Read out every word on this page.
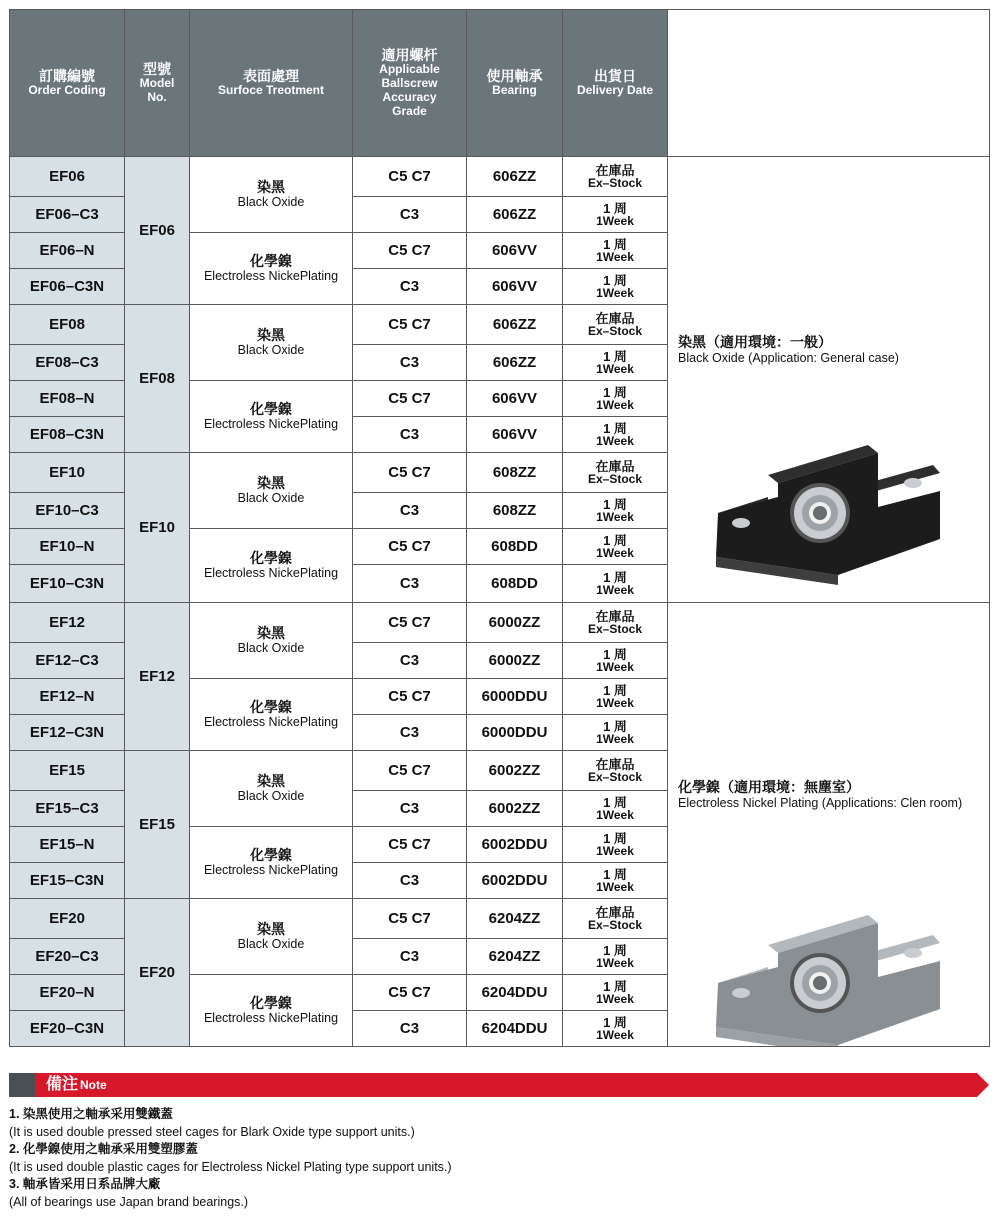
訂購編號
Order Coding	型號
Model
No.	表面處理
Surfoce Treotment	適用螺杆
Applicable
Ballscrew
Accuracy
Grade	使用軸承
Bearing	出貨日
Delivery Date	

EF06	EF06	染黑
Black Oxide	C5 C7	606ZZ	在庫品
Ex–Stock	染黑（適用環境：一般）
Black Oxide (Application: General case)

EF06–C3			C3	606ZZ	1 周
1Week	

EF06–N		化學鎳
Electroless NickePlating	C5 C7	606VV	1 周
1Week	

EF06–C3N			C3	606VV	1 周
1Week	

EF08	EF08	染黑
Black Oxide	C5 C7	606ZZ	在庫品
Ex–Stock	

EF08–C3			C3	606ZZ	1 周
1Week	

EF08–N		化學鎳
Electroless NickePlating	C5 C7	606VV	1 周
1Week	

EF08–C3N			C3	606VV	1 周
1Week	

EF10	EF10	染黑
Black Oxide	C5 C7	608ZZ	在庫品
Ex–Stock	

EF10–C3			C3	608ZZ	1 周
1Week	

EF10–N		化學鎳
Electroless NickePlating	C5 C7	608DD	1 周
1Week	

EF10–C3N			C3	608DD	1 周
1Week	

EF12	EF12	染黑
Black Oxide	C5 C7	6000ZZ	在庫品
Ex–Stock	化學鎳（適用環境：無塵室）
Electroless Nickel Plating (Applications: Clen room)

EF12–C3			C3	6000ZZ	1 周
1Week	

EF12–N		化學鎳
Electroless NickePlating	C5 C7	6000DDU	1 周
1Week	

EF12–C3N			C3	6000DDU	1 周
1Week	

EF15	EF15	染黑
Black Oxide	C5 C7	6002ZZ	在庫品
Ex–Stock	

EF15–C3			C3	6002ZZ	1 周
1Week	

EF15–N		化學鎳
Electroless NickePlating	C5 C7	6002DDU	1 周
1Week	

EF15–C3N			C3	6002DDU	1 周
1Week	

EF20	EF20	染黑
Black Oxide	C5 C7	6204ZZ	在庫品
Ex–Stock	

EF20–C3			C3	6204ZZ	1 周
1Week	

EF20–N		化學鎳
Electroless NickePlating	C5 C7	6204DDU	1 周
1Week	

EF20–C3N			C3	6204DDU	1 周
1Week	
備注 Note
1. 染黑使用之軸承采用雙鐵蓋
(It is used double pressed steel cages for Blark Oxide type support units.)
2. 化學鎳使用之軸承采用雙塑膠蓋
(It is used double plastic cages for Electroless Nickel Plating type support units.)
3. 軸承皆采用日系品牌大廠
(All of bearings use Japan brand bearings.)
